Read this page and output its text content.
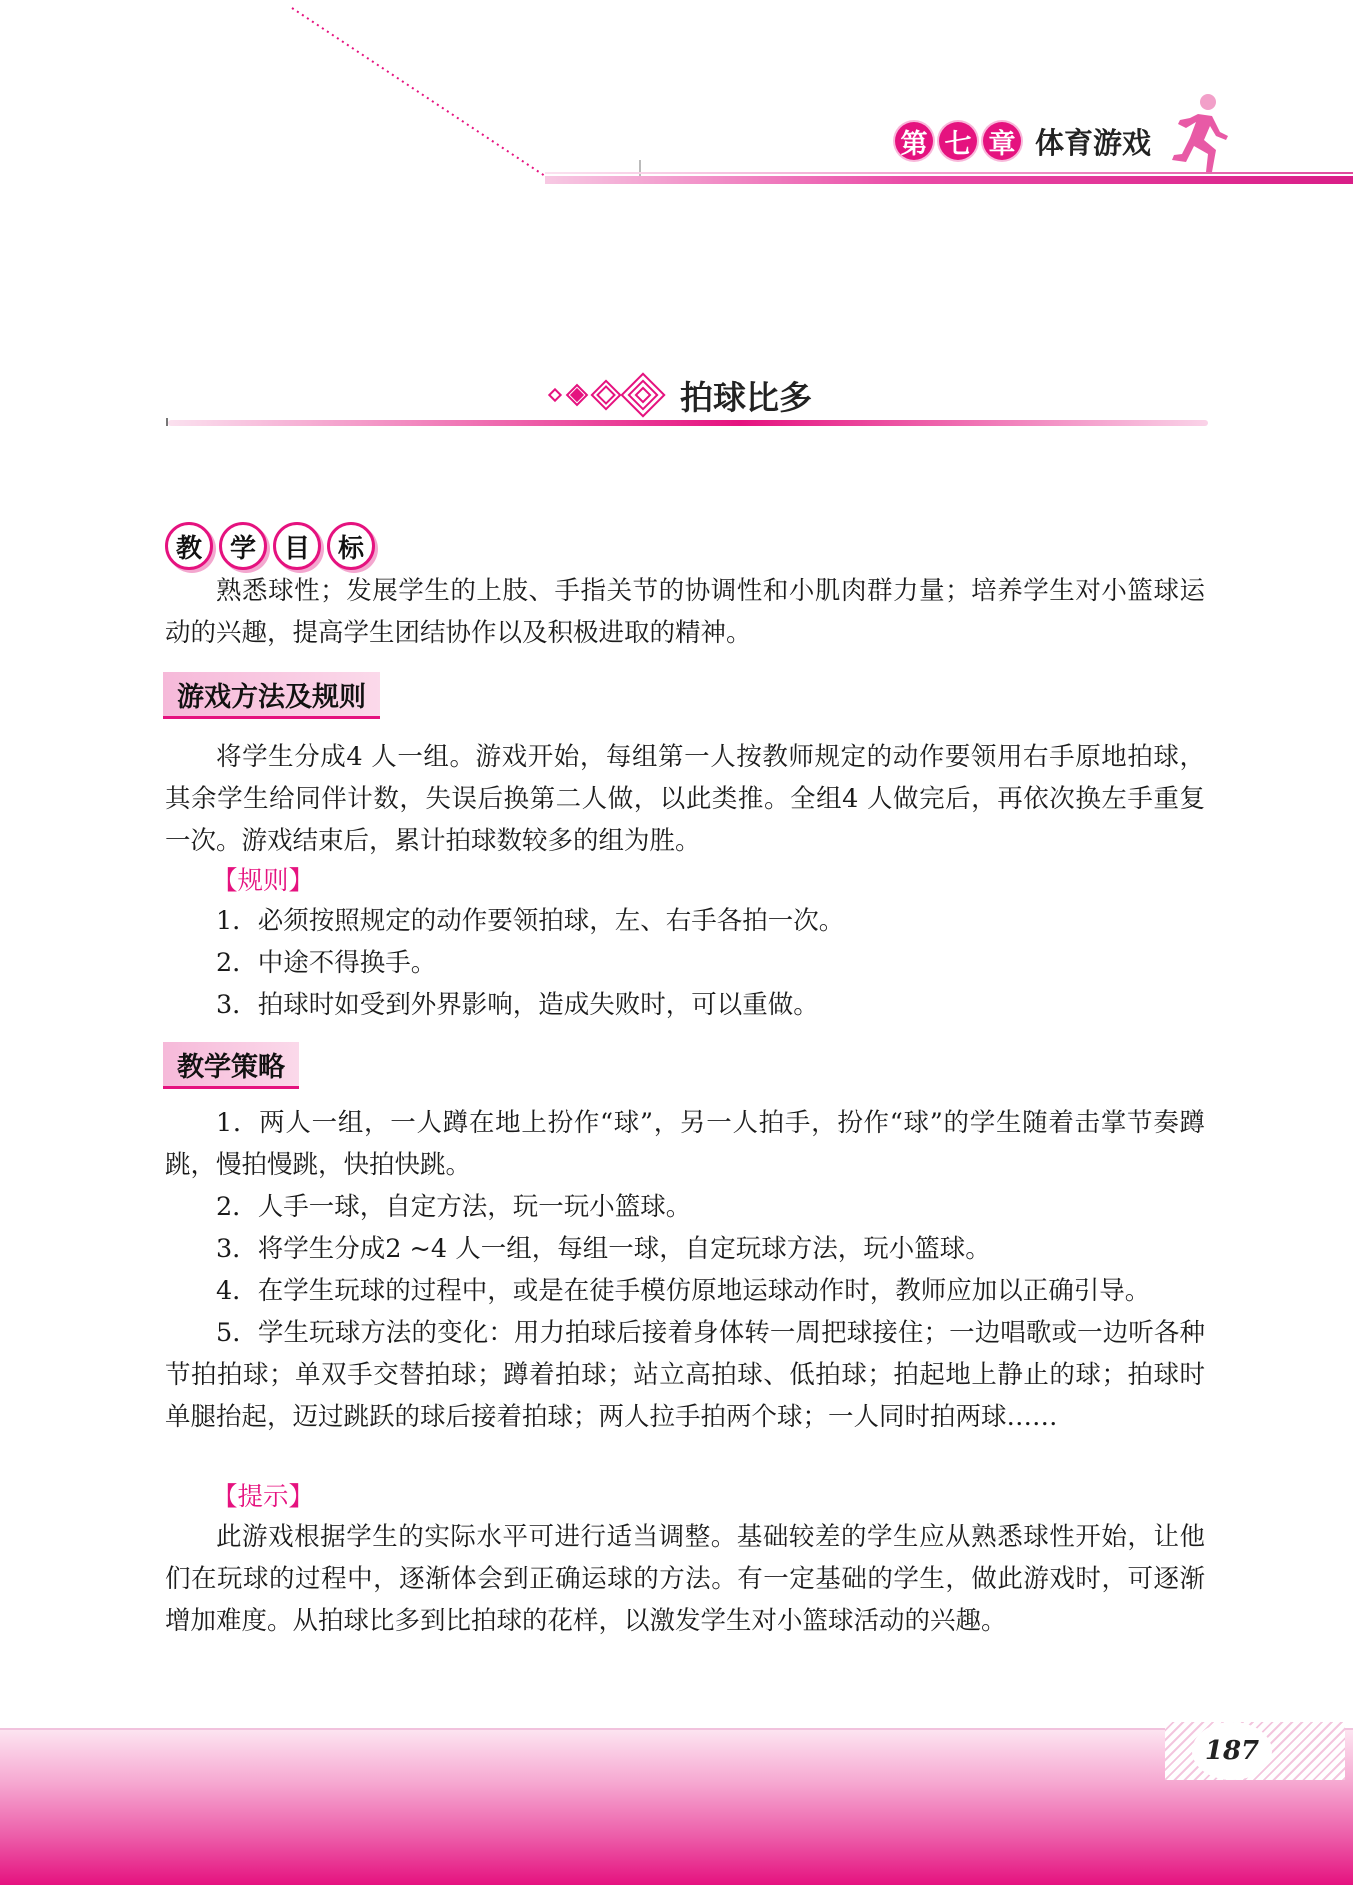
第 七 章 体育游戏
拍球比多
教	学	目	标
熟悉球性；发展学生的上肢、手指关节的协调性和小肌肉群力量；培养学生对小篮球运动的兴趣，提高学生团结协作以及积极进取的精神。
游戏方法及规则
将学生分成4 人一组。游戏开始，每组第一人按教师规定的动作要领用右手原地拍球，其余学生给同伴计数，失误后换第二人做，以此类推。全组4 人做完后，再依次换左手重复一次。游戏结束后，累计拍球数较多的组为胜。
【规则】
1．必须按照规定的动作要领拍球，左、右手各拍一次。
2．中途不得换手。
3．拍球时如受到外界影响，造成失败时，可以重做。
教学策略
1．两人一组，一人蹲在地上扮作“球”，另一人拍手，扮作“球”的学生随着击掌节奏蹲跳，慢拍慢跳，快拍快跳。
2．人手一球，自定方法，玩一玩小篮球。
3．将学生分成2 ~4 人一组，每组一球，自定玩球方法，玩小篮球。
4．在学生玩球的过程中，或是在徒手模仿原地运球动作时，教师应加以正确引导。
5．学生玩球方法的变化：用力拍球后接着身体转一周把球接住；一边唱歌或一边听各种节拍拍球；单双手交替拍球；蹲着拍球；站立高拍球、低拍球；拍起地上静止的球；拍球时单腿抬起，迈过跳跃的球后接着拍球；两人拉手拍两个球；一人同时拍两球……
【提示】
此游戏根据学生的实际水平可进行适当调整。基础较差的学生应从熟悉球性开始，让他们在玩球的过程中，逐渐体会到正确运球的方法。有一定基础的学生，做此游戏时，可逐渐增加难度。从拍球比多到比拍球的花样，以激发学生对小篮球活动的兴趣。
187
